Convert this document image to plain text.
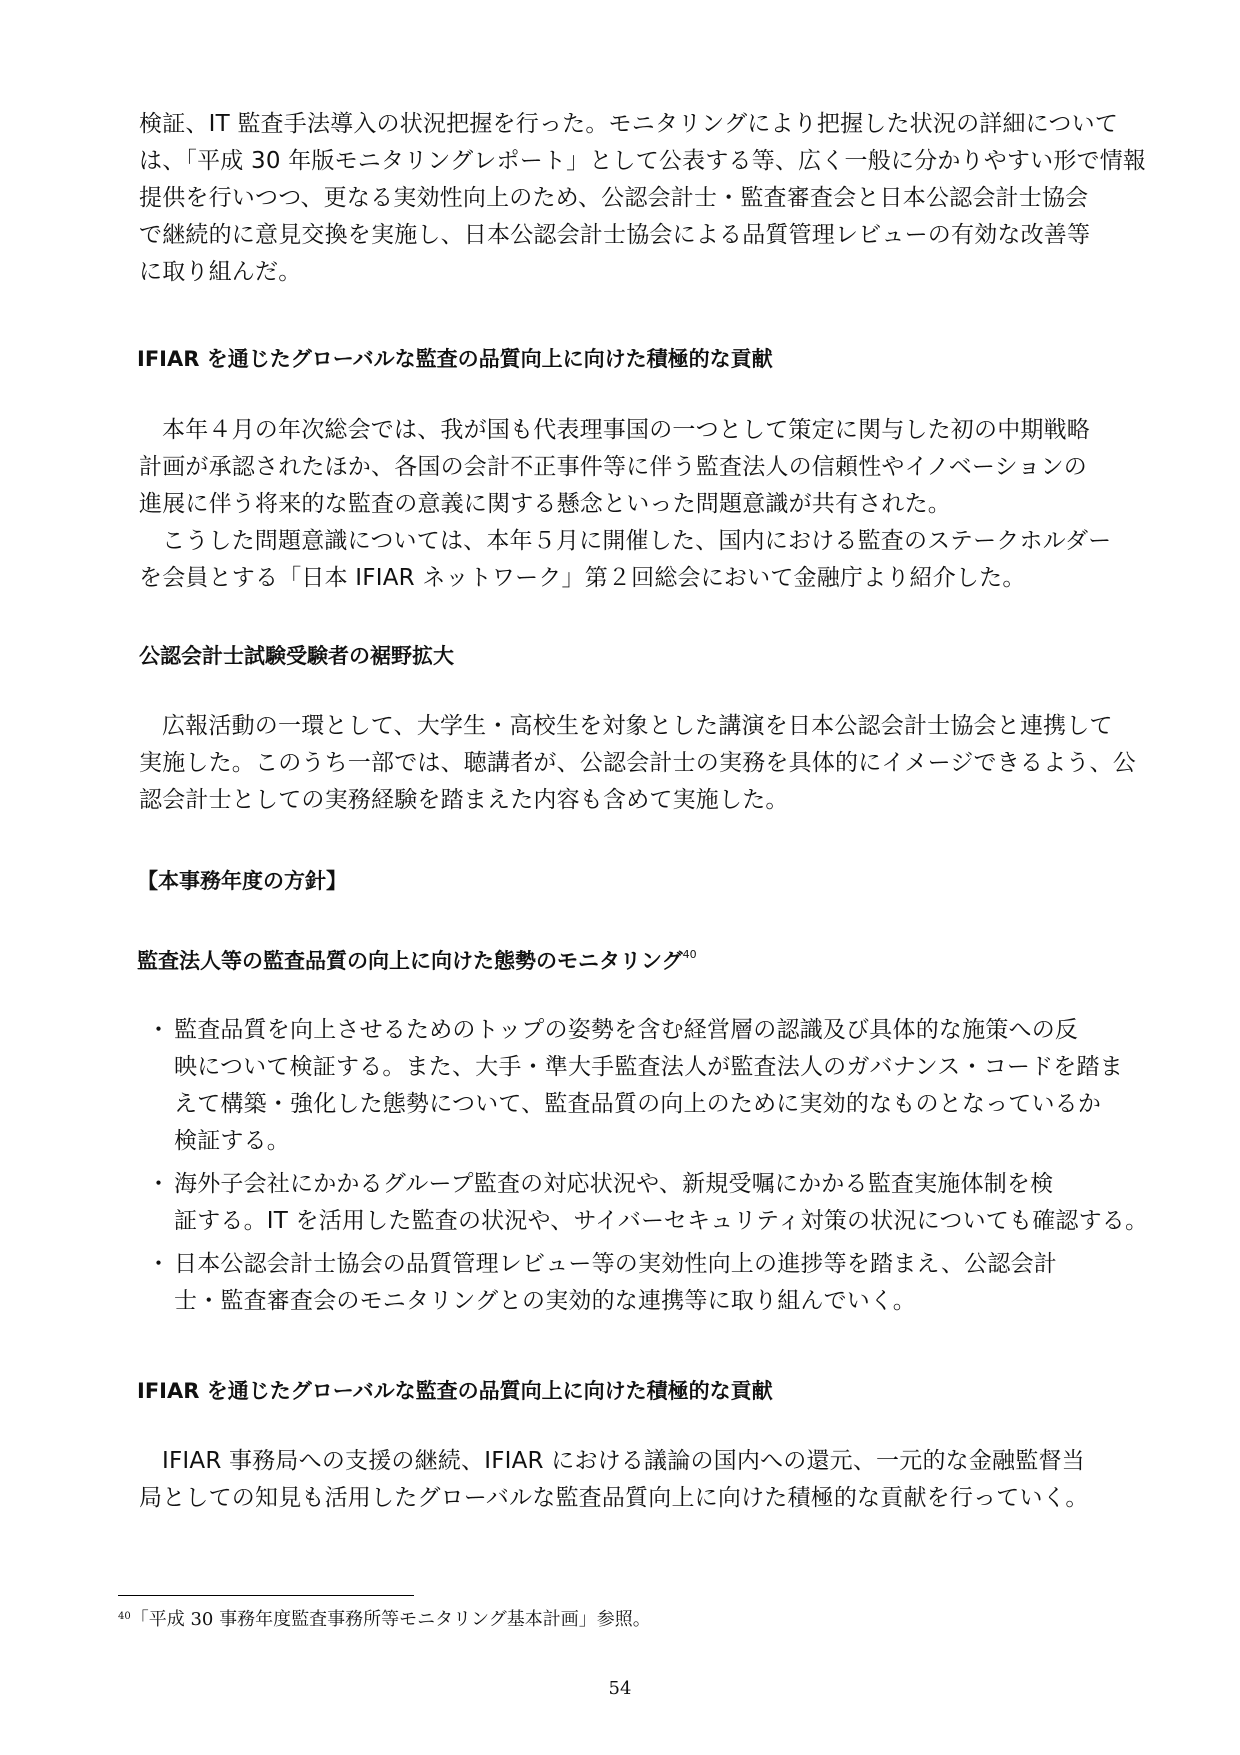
検証、IT 監査手法導入の状況把握を行った。モニタリングにより把握した状況の詳細について

は、「平成 30 年版モニタリングレポート」として公表する等、広く一般に分かりやすい形で情報

提供を行いつつ、更なる実効性向上のため、公認会計士・監査審査会と日本公認会計士協会

で継続的に意見交換を実施し、日本公認会計士協会による品質管理レビューの有効な改善等

に取り組んだ。

IFIAR を通じたグローバルな監査の品質向上に向けた積極的な貢献

本年４月の年次総会では、我が国も代表理事国の一つとして策定に関与した初の中期戦略

計画が承認されたほか、各国の会計不正事件等に伴う監査法人の信頼性やイノベーションの

進展に伴う将来的な監査の意義に関する懸念といった問題意識が共有された。

こうした問題意識については、本年５月に開催した、国内における監査のステークホルダー

を会員とする「日本 IFIAR ネットワーク」第２回総会において金融庁より紹介した。

公認会計士試験受験者の裾野拡大

広報活動の一環として、大学生・高校生を対象とした講演を日本公認会計士協会と連携して

実施した。このうち一部では、聴講者が、公認会計士の実務を具体的にイメージできるよう、公

認会計士としての実務経験を踏まえた内容も含めて実施した。

【本事務年度の方針】
監査法人等の監査品質の向上に向けた態勢のモニタリング$^{40}$
・ 監査品質を向上させるためのトップの姿勢を含む経営層の認識及び具体的な施策への反

映について検証する。また、大手・準大手監査法人が監査法人のガバナンス・コードを踏ま

えて構築・強化した態勢について、監査品質の向上のために実効的なものとなっているか

検証する。

・ 海外子会社にかかるグループ監査の対応状況や、新規受嘱にかかる監査実施体制を検

証する。IT を活用した監査の状況や、サイバーセキュリティ対策の状況についても確認する。

・ 日本公認会計士協会の品質管理レビュー等の実効性向上の進捗等を踏まえ、公認会計

士・監査審査会のモニタリングとの実効的な連携等に取り組んでいく。

IFIAR を通じたグローバルな監査の品質向上に向けた積極的な貢献

IFIAR 事務局への支援の継続、IFIAR における議論の国内への還元、一元的な金融監督当

局としての知見も活用したグローバルな監査品質向上に向けた積極的な貢献を行っていく。

$^{40}$「平成 30 事務年度監査事務所等モニタリング基本計画」参照。
54
